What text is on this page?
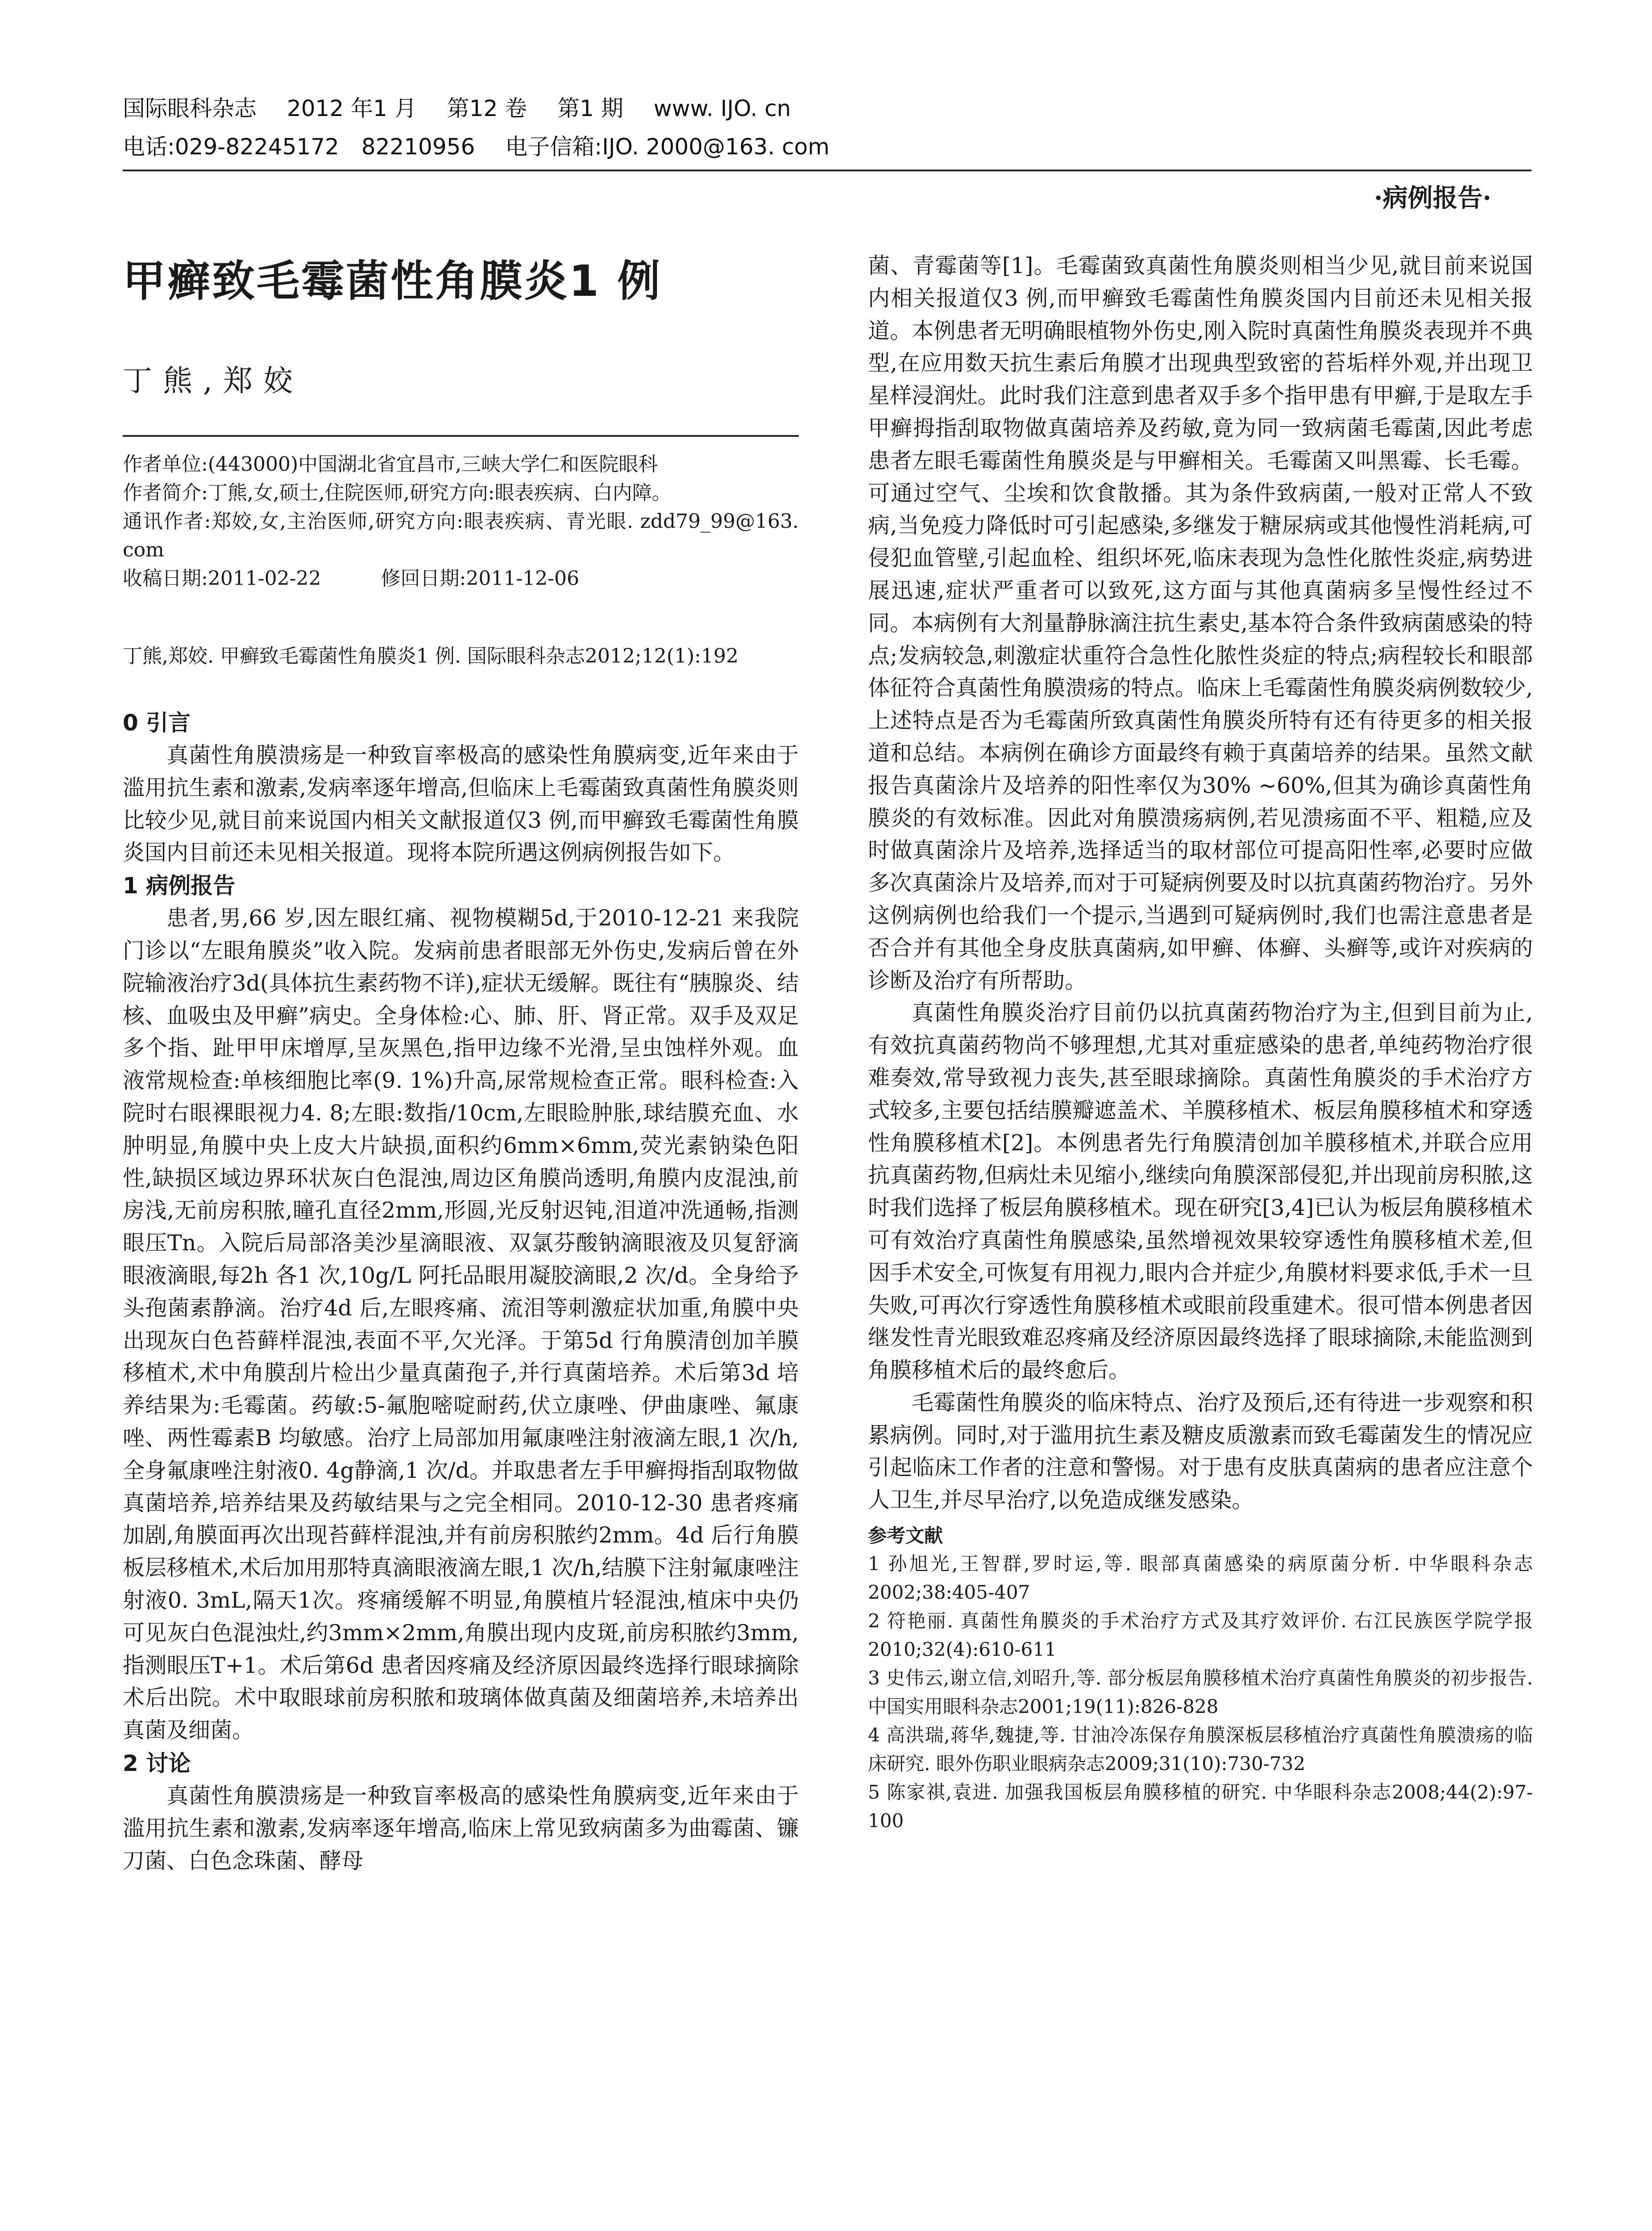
国际眼科杂志 2012 年1 月 第12 卷 第1 期 www. IJO. cn
电话:029-82245172　82210956 电子信箱:IJO. 2000@163. com
·病例报告·
甲癣致毛霉菌性角膜炎1 例
丁熊,郑姣

作者单位:(443000)中国湖北省宜昌市,三峡大学仁和医院眼科

作者简介:丁熊,女,硕士,住院医师,研究方向:眼表疾病、白内障。

通讯作者:郑姣,女,主治医师,研究方向:眼表疾病、青光眼. zdd79_99@163. com

收稿日期:2011-02-22	修回日期:2011-12-06

丁熊,郑姣. 甲癣致毛霉菌性角膜炎1 例. 国际眼科杂志2012;12(1):192

0 引言

真菌性角膜溃疡是一种致盲率极高的感染性角膜病变,近年来由于滥用抗生素和激素,发病率逐年增高,但临床上毛霉菌致真菌性角膜炎则比较少见,就目前来说国内相关文献报道仅3 例,而甲癣致毛霉菌性角膜炎国内目前还未见相关报道。现将本院所遇这例病例报告如下。

1 病例报告

患者,男,66 岁,因左眼红痛、视物模糊5d,于2010-12-21 来我院门诊以“左眼角膜炎”收入院。发病前患者眼部无外伤史,发病后曾在外院输液治疗3d(具体抗生素药物不详),症状无缓解。既往有“胰腺炎、结核、血吸虫及甲癣”病史。全身体检:心、肺、肝、肾正常。双手及双足多个指、趾甲甲床增厚,呈灰黑色,指甲边缘不光滑,呈虫蚀样外观。血液常规检查:单核细胞比率(9. 1%)升高,尿常规检查正常。眼科检查:入院时右眼裸眼视力4. 8;左眼:数指/10cm,左眼睑肿胀,球结膜充血、水肿明显,角膜中央上皮大片缺损,面积约6mm×6mm,荧光素钠染色阳性,缺损区域边界环状灰白色混浊,周边区角膜尚透明,角膜内皮混浊,前房浅,无前房积脓,瞳孔直径2mm,形圆,光反射迟钝,泪道冲洗通畅,指测眼压Tn。入院后局部洛美沙星滴眼液、双氯芬酸钠滴眼液及贝复舒滴眼液滴眼,每2h 各1 次,10g/L 阿托品眼用凝胶滴眼,2 次/d。全身给予头孢菌素静滴。治疗4d 后,左眼疼痛、流泪等刺激症状加重,角膜中央出现灰白色苔藓样混浊,表面不平,欠光泽。于第5d 行角膜清创加羊膜移植术,术中角膜刮片检出少量真菌孢子,并行真菌培养。术后第3d 培养结果为:毛霉菌。药敏:5-氟胞嘧啶耐药,伏立康唑、伊曲康唑、氟康唑、两性霉素B 均敏感。治疗上局部加用氟康唑注射液滴左眼,1 次/h,全身氟康唑注射液0. 4g静滴,1 次/d。并取患者左手甲癣拇指刮取物做真菌培养,培养结果及药敏结果与之完全相同。2010-12-30 患者疼痛加剧,角膜面再次出现苔藓样混浊,并有前房积脓约2mm。4d 后行角膜板层移植术,术后加用那特真滴眼液滴左眼,1 次/h,结膜下注射氟康唑注射液0. 3mL,隔天1次。疼痛缓解不明显,角膜植片轻混浊,植床中央仍可见灰白色混浊灶,约3mm×2mm,角膜出现内皮斑,前房积脓约3mm,指测眼压T+1。术后第6d 患者因疼痛及经济原因最终选择行眼球摘除术后出院。术中取眼球前房积脓和玻璃体做真菌及细菌培养,未培养出真菌及细菌。

2 讨论

真菌性角膜溃疡是一种致盲率极高的感染性角膜病变,近年来由于滥用抗生素和激素,发病率逐年增高,临床上常见致病菌多为曲霉菌、镰刀菌、白色念珠菌、酵母

菌、青霉菌等[1]。毛霉菌致真菌性角膜炎则相当少见,就目前来说国内相关报道仅3 例,而甲癣致毛霉菌性角膜炎国内目前还未见相关报道。本例患者无明确眼植物外伤史,刚入院时真菌性角膜炎表现并不典型,在应用数天抗生素后角膜才出现典型致密的苔垢样外观,并出现卫星样浸润灶。此时我们注意到患者双手多个指甲患有甲癣,于是取左手甲癣拇指刮取物做真菌培养及药敏,竟为同一致病菌毛霉菌,因此考虑患者左眼毛霉菌性角膜炎是与甲癣相关。毛霉菌又叫黑霉、长毛霉。可通过空气、尘埃和饮食散播。其为条件致病菌,一般对正常人不致病,当免疫力降低时可引起感染,多继发于糖尿病或其他慢性消耗病,可侵犯血管壁,引起血栓、组织坏死,临床表现为急性化脓性炎症,病势进展迅速,症状严重者可以致死,这方面与其他真菌病多呈慢性经过不同。本病例有大剂量静脉滴注抗生素史,基本符合条件致病菌感染的特点;发病较急,刺激症状重符合急性化脓性炎症的特点;病程较长和眼部体征符合真菌性角膜溃疡的特点。临床上毛霉菌性角膜炎病例数较少,上述特点是否为毛霉菌所致真菌性角膜炎所特有还有待更多的相关报道和总结。本病例在确诊方面最终有赖于真菌培养的结果。虽然文献报告真菌涂片及培养的阳性率仅为30% ~60%,但其为确诊真菌性角膜炎的有效标准。因此对角膜溃疡病例,若见溃疡面不平、粗糙,应及时做真菌涂片及培养,选择适当的取材部位可提高阳性率,必要时应做多次真菌涂片及培养,而对于可疑病例要及时以抗真菌药物治疗。另外这例病例也给我们一个提示,当遇到可疑病例时,我们也需注意患者是否合并有其他全身皮肤真菌病,如甲癣、体癣、头癣等,或许对疾病的诊断及治疗有所帮助。

真菌性角膜炎治疗目前仍以抗真菌药物治疗为主,但到目前为止,有效抗真菌药物尚不够理想,尤其对重症感染的患者,单纯药物治疗很难奏效,常导致视力丧失,甚至眼球摘除。真菌性角膜炎的手术治疗方式较多,主要包括结膜瓣遮盖术、羊膜移植术、板层角膜移植术和穿透性角膜移植术[2]。本例患者先行角膜清创加羊膜移植术,并联合应用抗真菌药物,但病灶未见缩小,继续向角膜深部侵犯,并出现前房积脓,这时我们选择了板层角膜移植术。现在研究[3,4]已认为板层角膜移植术可有效治疗真菌性角膜感染,虽然增视效果较穿透性角膜移植术差,但因手术安全,可恢复有用视力,眼内合并症少,角膜材料要求低,手术一旦失败,可再次行穿透性角膜移植术或眼前段重建术。很可惜本例患者因继发性青光眼致难忍疼痛及经济原因最终选择了眼球摘除,未能监测到角膜移植术后的最终愈后。

毛霉菌性角膜炎的临床特点、治疗及预后,还有待进一步观察和积累病例。同时,对于滥用抗生素及糖皮质激素而致毛霉菌发生的情况应引起临床工作者的注意和警惕。对于患有皮肤真菌病的患者应注意个人卫生,并尽早治疗,以免造成继发感染。

参考文献

1 孙旭光,王智群,罗时运,等. 眼部真菌感染的病原菌分析. 中华眼科杂志2002;38:405-407

2 符艳丽. 真菌性角膜炎的手术治疗方式及其疗效评价. 右江民族医学院学报2010;32(4):610-611

3 史伟云,谢立信,刘昭升,等. 部分板层角膜移植术治疗真菌性角膜炎的初步报告. 中国实用眼科杂志2001;19(11):826-828

4 高洪瑞,蒋华,魏捷,等. 甘油冷冻保存角膜深板层移植治疗真菌性角膜溃疡的临床研究. 眼外伤职业眼病杂志2009;31(10):730-732

5 陈家祺,袁进. 加强我国板层角膜移植的研究. 中华眼科杂志2008;44(2):97-100
